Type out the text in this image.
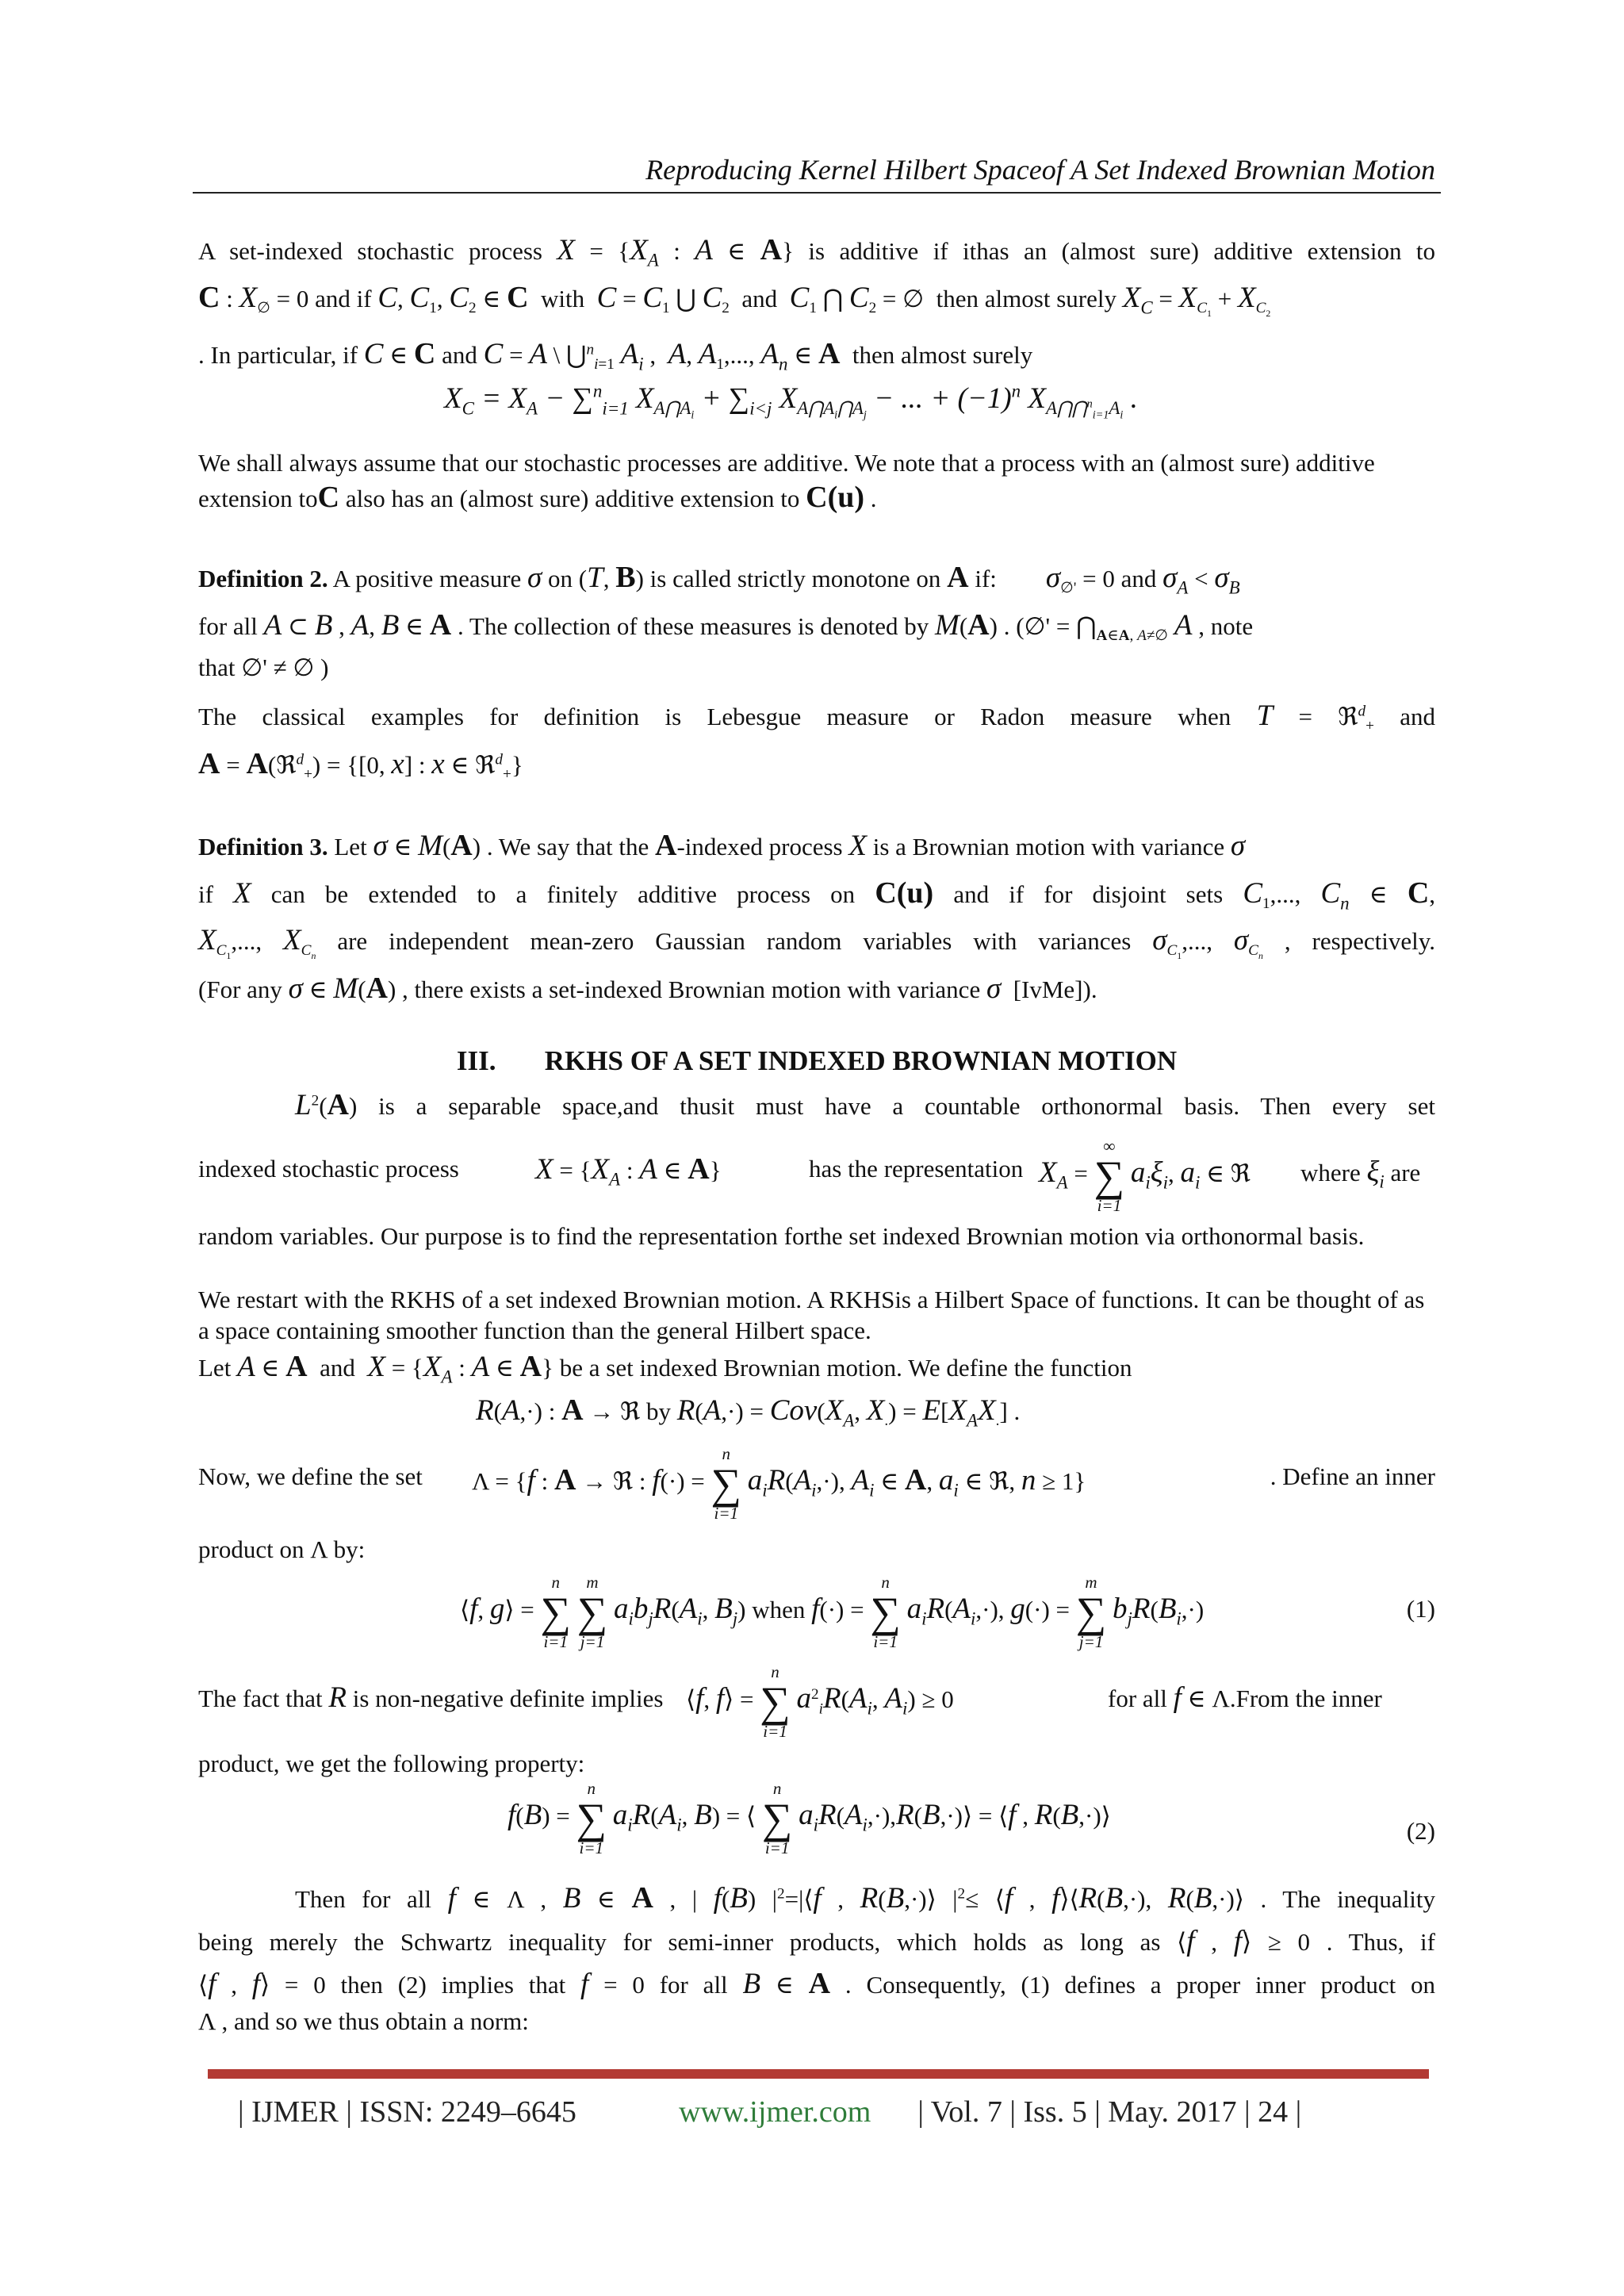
Reproducing Kernel Hilbert Spaceof A Set Indexed Brownian Motion

A set-indexed stochastic process $X = \{X_A$ : A ∈ A} is additive if ithas an (almost sure) additive extension to

C : $X_\emptyset = 0$ and if C, $C_1$, $C_2$ ∈ C with $C = C_1$ ⋃ $C_2$ and $C_1$ ⋂ $C_2$ = ∅  then almost surely $X_C = X_{C_1} + X_{C_2}$

. In particular, if C ∈ C and C = A \ ⋃$^n_{i=1}$ $A_i$ ,  A, $A_1$,..., $A_n$ ∈ A then almost surely

$X_C = X_A - \sum^n_{i=1}$ $X_{A⋂A_i} + \sum_{i<j}$ $X_{A⋂A_i⋂A_j}$ − ... + $(-1)^n$ $X_{A⋂⋂^n_{i=1}A_i}$ .

We shall always assume that our stochastic processes are additive. We note that a process with an (almost sure) additive extension toC also has an (almost sure) additive extension to C(u) .

Definition 2. A positive measure σ on (T, B) is called strictly monotone on A if: $\sigma_{\emptyset'} = 0$ and $\sigma_A < \sigma_B$

for all A ⊂ B , A, B ∈ A . The collection of these measures is denoted by M(A) . (∅' = $⋂_{A\in A, A\ne\emptyset}$ A , note

that ∅' ≠ ∅ )

The classical examples for definition is Lebesgue measure or Radon measure when T = ℜ$^d_+$ and

A = A(ℜ$^d_+$) = {[0, x] : x ∈ ℜ$^d_+$}

Definition 3. Let σ ∈ M(A) . We say that the A-indexed process X is a Brownian motion with variance σ

if X can be extended to a finitely additive process on C(u) and if for disjoint sets $C_1$,..., $C_n$ ∈ C,

$X_{C_1}$,..., $X_{C_n}$ are independent mean-zero Gaussian random variables with variances $\sigma_{C_1}$,..., $\sigma_{C_n}$ , respectively.

(For any σ ∈ M(A) , there exists a set-indexed Brownian motion with variance σ [IvMe]).

III. RKHS OF A SET INDEXED BROWNIAN MOTION

$L^2(A)$ is a separable space,and thusit must have a countable orthonormal basis. Then every set

indexed stochastic process	$X = \{X_A$ : A ∈ A}	has the representation $X_A$ =
∞
∑
i=1
$a_i\xi_i$, $a_i$ ∈ ℜ where $\xi_i$ are

random variables. Our purpose is to find the representation forthe set indexed Brownian motion via orthonormal basis.

We restart with the RKHS of a set indexed Brownian motion. A RKHSis a Hilbert Space of functions. It can be thought of as a space containing smoother function than the general Hilbert space.

Let A ∈ A and $X = \{X_A$ : A ∈ A} be a set indexed Brownian motion. We define the function

R(A,·) : A → ℜ by $R(A,\cdot) = Cov(X_A$, $X_.) = E[X_AX_.]$ .
Now, we define the set Λ = {f : A → ℜ : f(·) =
n
∑
i=1
$a_iR(A_i,\cdot)$, $A_i$ ∈ A, $a_i$ ∈ ℜ, n ≥ 1}	. Define an inner

product on Λ by:

⟨f, g⟩ =
n
∑
i=1

m
∑
j=1
$a_ib_jR(A_i$, $B_j$) when f(·) =
n
∑
i=1
$a_iR(A_i,\cdot)$, g(·) =
m
∑
j=1
$b_jR(B_i,\cdot)$	(1)
The fact that R is non-negative definite implies ⟨f, f⟩ =
n
∑
i=1
$a^2_iR(A_i$, $A_i) \ge 0$	for all f ∈ Λ.From the inner

product, we get the following property:

f(B) =
n
∑
i=1
$a_iR(A_i$, B) = ⟨
n
∑
i=1
$a_iR(A_i,\cdot),R(B,\cdot)⟩$ = ⟨f , R(B,·)⟩
(2)

Then for all f ∈ Λ , B ∈ A , | f(B) $|^2=|⟨f$ , R(B,·)⟩ $|^2\le$ ⟨f , f⟩⟨R(B,·), R(B,·)⟩ . The inequality

being merely the Schwartz inequality for semi-inner products, which holds as long as ⟨f , f⟩ ≥ 0 . Thus, if

⟨f , f⟩ = 0 then (2) implies that f = 0 for all B ∈ A . Consequently, (1) defines a proper inner product on

Λ , and so we thus obtain a norm:

| IJMER | ISSN: 2249–6645	www.ijmer.com | Vol. 7 | Iss. 5 | May. 2017 | 24 |
